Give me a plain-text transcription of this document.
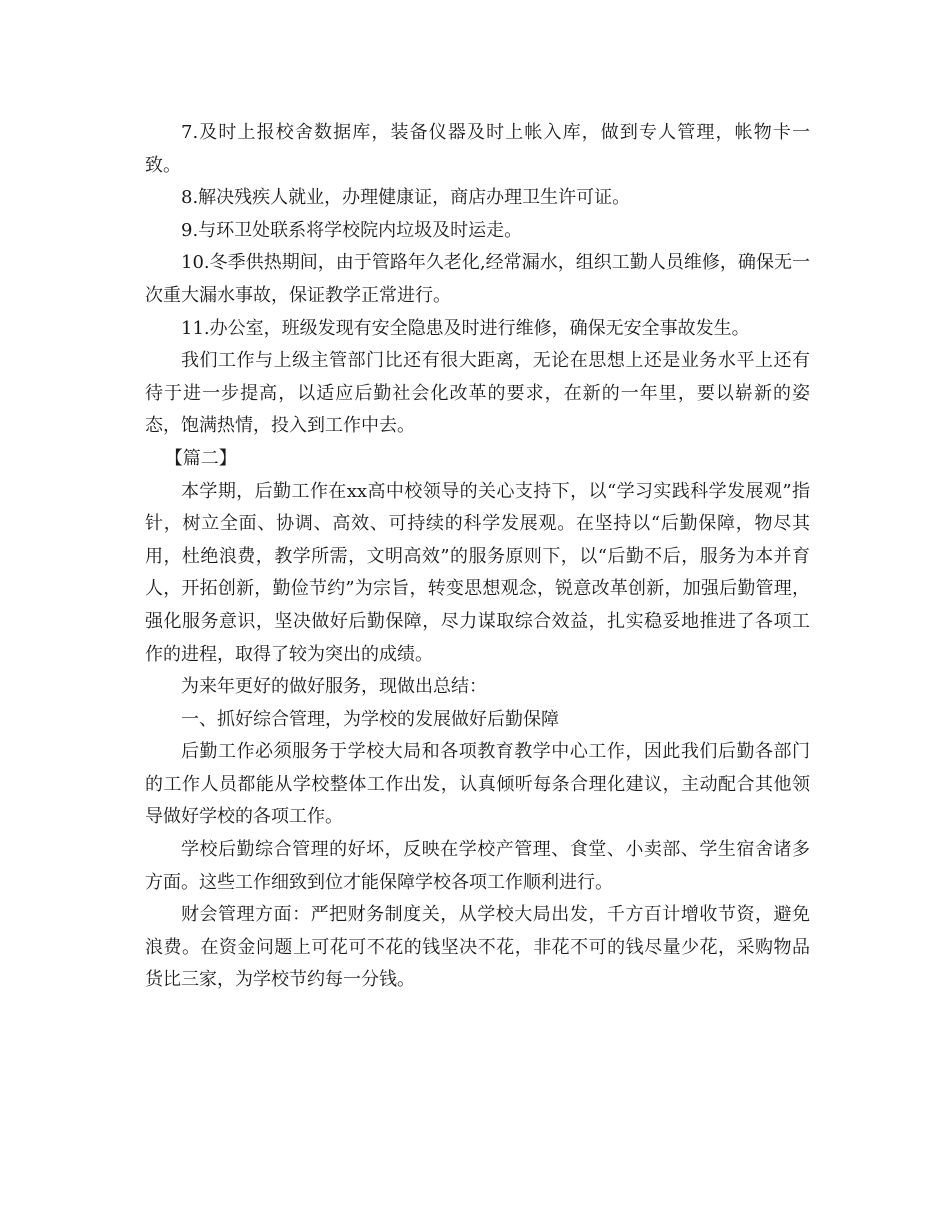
7.及时上报校舍数据库，装备仪器及时上帐入库，做到专人管理，帐物卡一致。

8.解决残疾人就业，办理健康证，商店办理卫生许可证。

9.与环卫处联系将学校院内垃圾及时运走。

10.冬季供热期间，由于管路年久老化,经常漏水，组织工勤人员维修，确保无一次重大漏水事故，保证教学正常进行。

11.办公室，班级发现有安全隐患及时进行维修，确保无安全事故发生。

我们工作与上级主管部门比还有很大距离，无论在思想上还是业务水平上还有待于进一步提高，以适应后勤社会化改革的要求，在新的一年里，要以崭新的姿态，饱满热情，投入到工作中去。

【篇二】

本学期，后勤工作在xx高中校领导的关心支持下，以“学习实践科学发展观”指针，树立全面、协调、高效、可持续的科学发展观。在坚持以“后勤保障，物尽其用，杜绝浪费，教学所需，文明高效”的服务原则下，以“后勤不后，服务为本并育人，开拓创新，勤俭节约”为宗旨，转变思想观念，锐意改革创新，加强后勤管理，强化服务意识，坚决做好后勤保障，尽力谋取综合效益，扎实稳妥地推进了各项工作的进程，取得了较为突出的成绩。

为来年更好的做好服务，现做出总结：

一、抓好综合管理，为学校的发展做好后勤保障

后勤工作必须服务于学校大局和各项教育教学中心工作，因此我们后勤各部门的工作人员都能从学校整体工作出发，认真倾听每条合理化建议，主动配合其他领导做好学校的各项工作。

学校后勤综合管理的好坏，反映在学校产管理、食堂、小卖部、学生宿舍诸多方面。这些工作细致到位才能保障学校各项工作顺利进行。

财会管理方面：严把财务制度关，从学校大局出发，千方百计增收节资，避免浪费。在资金问题上可花可不花的钱坚决不花，非花不可的钱尽量少花，采购物品货比三家，为学校节约每一分钱。
